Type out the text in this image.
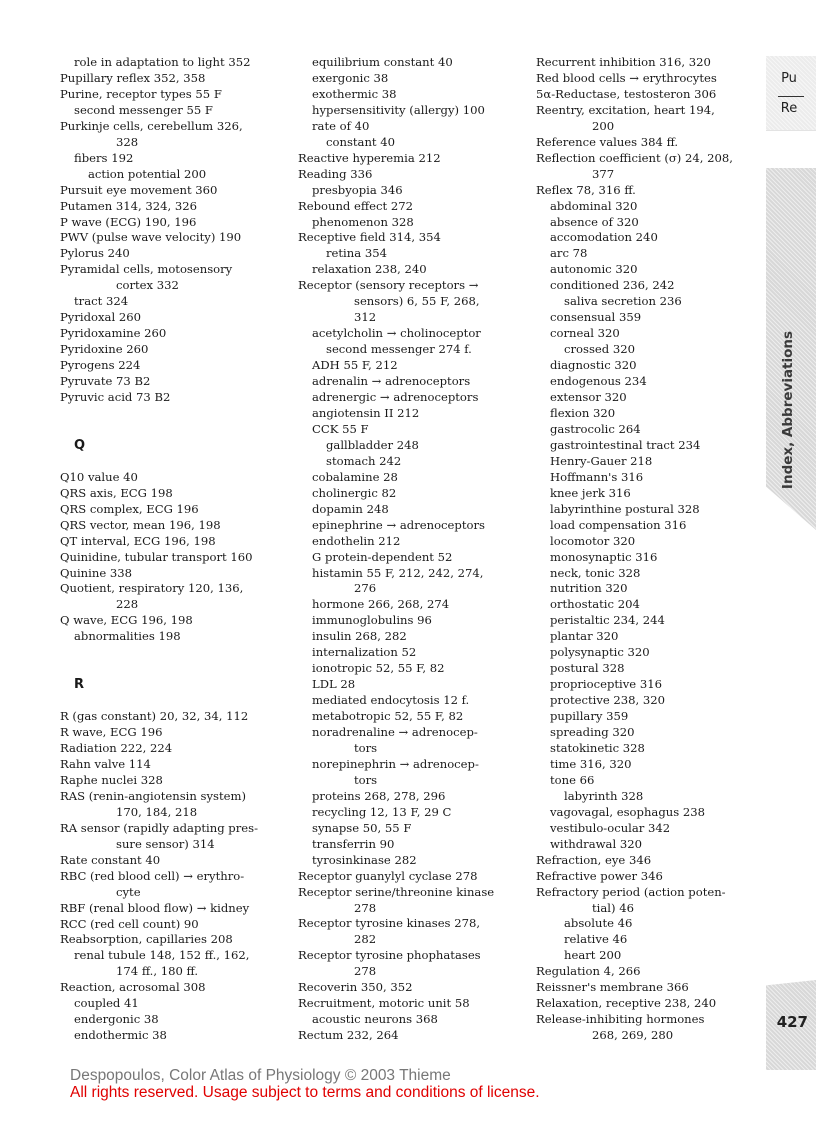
role in adaptation to light 352
Pupillary reflex 352, 358
Purine, receptor types 55 F
second messenger 55 F
Purkinje cells, cerebellum 326,
328
fibers 192
action potential 200
Pursuit eye movement 360
Putamen 314, 324, 326
P wave (ECG) 190, 196
PWV (pulse wave velocity) 190
Pylorus 240
Pyramidal cells, motosensory
cortex 332
tract 324
Pyridoxal 260
Pyridoxamine 260
Pyridoxine 260
Pyrogens 224
Pyruvate 73 B2
Pyruvic acid 73 B2
Q
Q10 value 40
QRS axis, ECG 198
QRS complex, ECG 196
QRS vector, mean 196, 198
QT interval, ECG 196, 198
Quinidine, tubular transport 160
Quinine 338
Quotient, respiratory 120, 136,
228
Q wave, ECG 196, 198
abnormalities 198
R
R (gas constant) 20, 32, 34, 112
R wave, ECG 196
Radiation 222, 224
Rahn valve 114
Raphe nuclei 328
RAS (renin-angiotensin system)
170, 184, 218
RA sensor (rapidly adapting pres-
sure sensor) 314
Rate constant 40
RBC (red blood cell) → erythro-
cyte
RBF (renal blood flow) → kidney
RCC (red cell count) 90
Reabsorption, capillaries 208
renal tubule 148, 152 ff., 162,
174 ff., 180 ff.
Reaction, acrosomal 308
coupled 41
endergonic 38
endothermic 38
equilibrium constant 40
exergonic 38
exothermic 38
hypersensitivity (allergy) 100
rate of 40
constant 40
Reactive hyperemia 212
Reading 336
presbyopia 346
Rebound effect 272
phenomenon 328
Receptive field 314, 354
retina 354
relaxation 238, 240
Receptor (sensory receptors →
sensors) 6, 55 F, 268,
312
acetylcholin → cholinoceptor
second messenger 274 f.
ADH 55 F, 212
adrenalin → adrenoceptors
adrenergic → adrenoceptors
angiotensin II 212
CCK 55 F
gallbladder 248
stomach 242
cobalamine 28
cholinergic 82
dopamin 248
epinephrine → adrenoceptors
endothelin 212
G protein-dependent 52
histamin 55 F, 212, 242, 274,
276
hormone 266, 268, 274
immunoglobulins 96
insulin 268, 282
internalization 52
ionotropic 52, 55 F, 82
LDL 28
mediated endocytosis 12 f.
metabotropic 52, 55 F, 82
noradrenaline → adrenocep-
tors
norepinephrin → adrenocep-
tors
proteins 268, 278, 296
recycling 12, 13 F, 29 C
synapse 50, 55 F
transferrin 90
tyrosinkinase 282
Receptor guanylyl cyclase 278
Receptor serine/threonine kinase
278
Receptor tyrosine kinases 278,
282
Receptor tyrosine phophatases
278
Recoverin 350, 352
Recruitment, motoric unit 58
acoustic neurons 368
Rectum 232, 264
Recurrent inhibition 316, 320
Red blood cells → erythrocytes
5α-Reductase, testosteron 306
Reentry, excitation, heart 194,
200
Reference values 384 ff.
Reflection coefficient (σ) 24, 208,
377
Reflex 78, 316 ff.
abdominal 320
absence of 320
accomodation 240
arc 78
autonomic 320
conditioned 236, 242
saliva secretion 236
consensual 359
corneal 320
crossed 320
diagnostic 320
endogenous 234
extensor 320
flexion 320
gastrocolic 264
gastrointestinal tract 234
Henry-Gauer 218
Hoffmann's 316
knee jerk 316
labyrinthine postural 328
load compensation 316
locomotor 320
monosynaptic 316
neck, tonic 328
nutrition 320
orthostatic 204
peristaltic 234, 244
plantar 320
polysynaptic 320
postural 328
proprioceptive 316
protective 238, 320
pupillary 359
spreading 320
statokinetic 328
time 316, 320
tone 66
labyrinth 328
vagovagal, esophagus 238
vestibulo-ocular 342
withdrawal 320
Refraction, eye 346
Refractive power 346
Refractory period (action poten-
tial) 46
absolute 46
relative 46
heart 200
Regulation 4, 266
Reissner's membrane 366
Relaxation, receptive 238, 240
Release-inhibiting hormones
268, 269, 280
Pu
Re
Index, Abbreviations
427
Despopoulos, Color Atlas of Physiology © 2003 Thieme
All rights reserved. Usage subject to terms and conditions of license.
